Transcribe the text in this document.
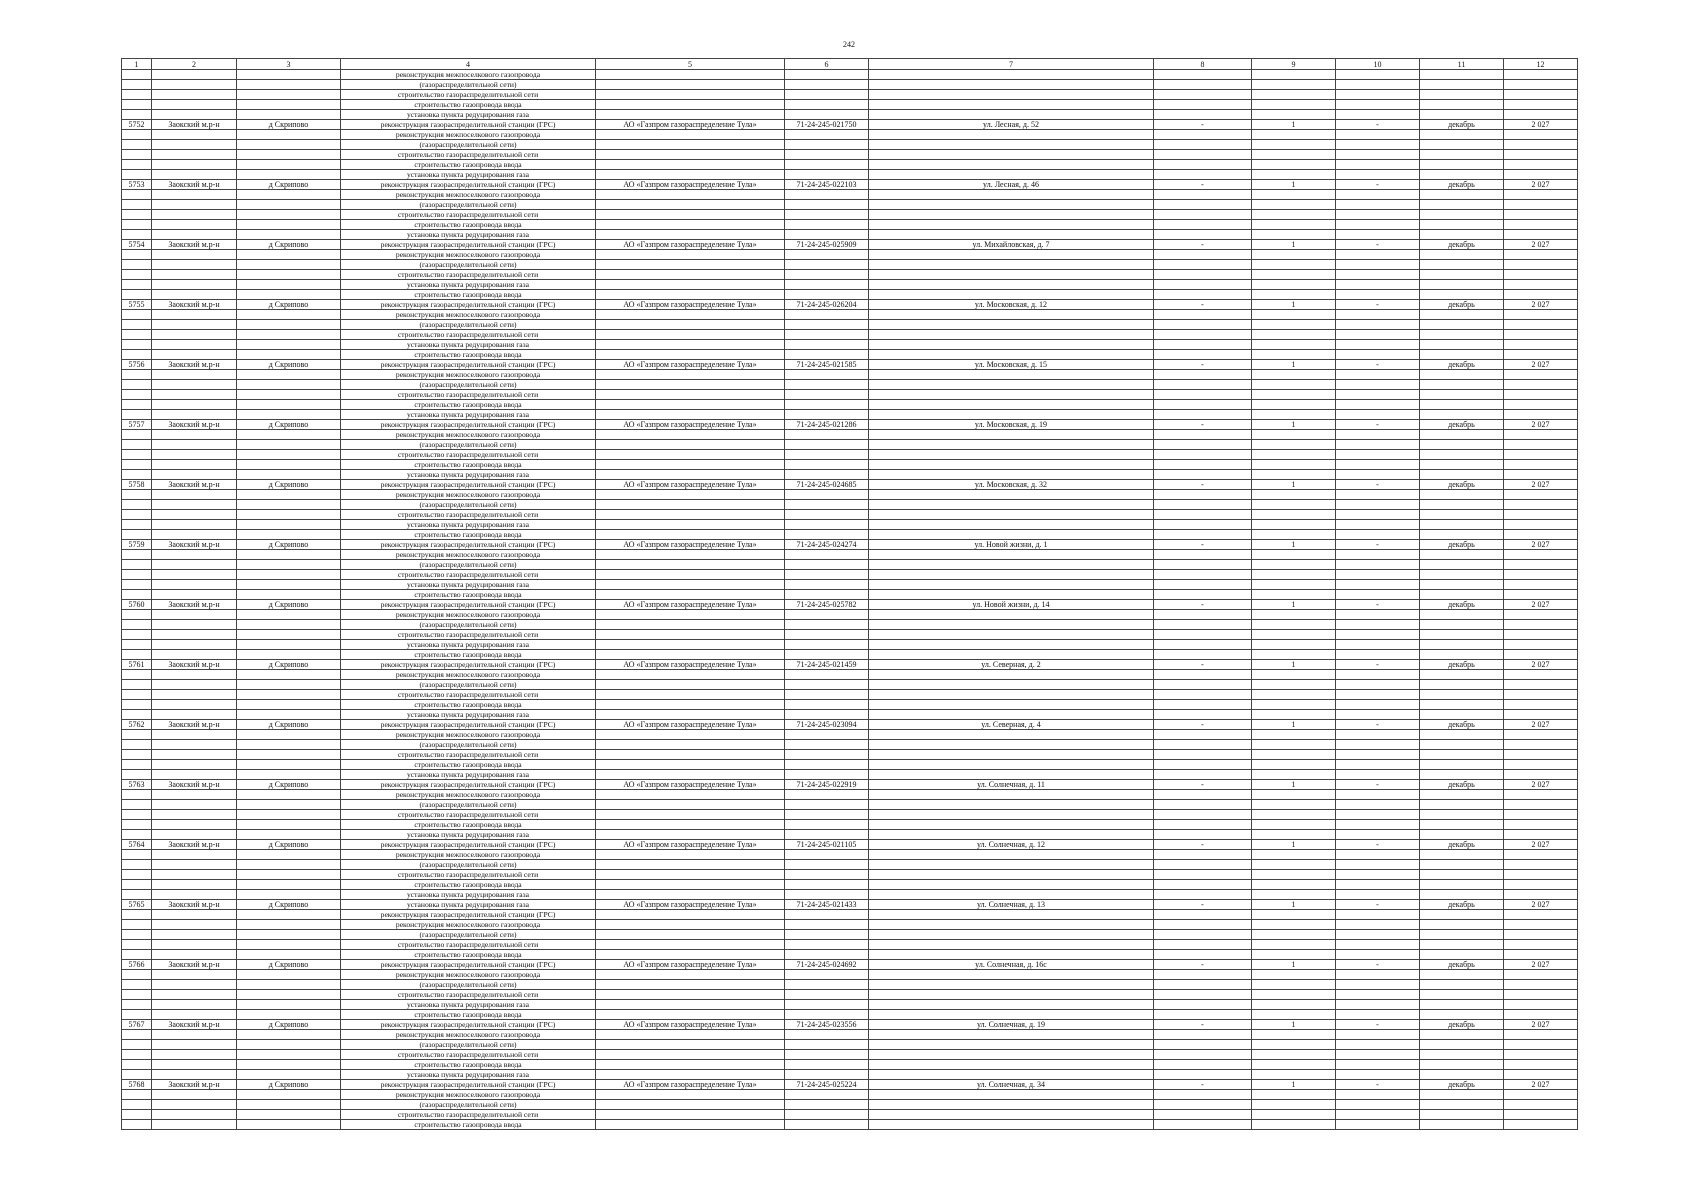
242
1	2	3	4	5	6	7	8	9	10	11	12
			реконструкция межпоселкового газопровода								
			(газораспределительной сети)								
			строительство газораспределительной сети								
			строительство газопровода ввода								
			установка пункта редуцирования газа								
5752	Заокский м.р-н	д Скрипово	реконструкция газораспределительной станции (ГРС)	АО «Газпром газораспределение Тула»	71-24-245-021750	ул. Лесная, д. 52	-	1	-	декабрь	2 027
			реконструкция межпоселкового газопровода								
			(газораспределительной сети)								
			строительство газораспределительной сети								
			строительство газопровода ввода								
			установка пункта редуцирования газа								
5753	Заокский м.р-н	д Скрипово	реконструкция газораспределительной станции (ГРС)	АО «Газпром газораспределение Тула»	71-24-245-022103	ул. Лесная, д. 46	-	1	-	декабрь	2 027
			реконструкция межпоселкового газопровода								
			(газораспределительной сети)								
			строительство газораспределительной сети								
			строительство газопровода ввода								
			установка пункта редуцирования газа								
5754	Заокский м.р-н	д Скрипово	реконструкция газораспределительной станции (ГРС)	АО «Газпром газораспределение Тула»	71-24-245-025909	ул. Михайловская, д. 7	-	1	-	декабрь	2 027
			реконструкция межпоселкового газопровода								
			(газораспределительной сети)								
			строительство газораспределительной сети								
			установка пункта редуцирования газа								
			строительство газопровода ввода								
5755	Заокский м.р-н	д Скрипово	реконструкция газораспределительной станции (ГРС)	АО «Газпром газораспределение Тула»	71-24-245-026204	ул. Московская, д. 12	-	1	-	декабрь	2 027
			реконструкция межпоселкового газопровода								
			(газораспределительной сети)								
			строительство газораспределительной сети								
			установка пункта редуцирования газа								
			строительство газопровода ввода								
5756	Заокский м.р-н	д Скрипово	реконструкция газораспределительной станции (ГРС)	АО «Газпром газораспределение Тула»	71-24-245-021585	ул. Московская, д. 15	-	1	-	декабрь	2 027
			реконструкция межпоселкового газопровода								
			(газораспределительной сети)								
			строительство газораспределительной сети								
			строительство газопровода ввода								
			установка пункта редуцирования газа								
5757	Заокский м.р-н	д Скрипово	реконструкция газораспределительной станции (ГРС)	АО «Газпром газораспределение Тула»	71-24-245-021286	ул. Московская, д. 19	-	1	-	декабрь	2 027
			реконструкция межпоселкового газопровода								
			(газораспределительной сети)								
			строительство газораспределительной сети								
			строительство газопровода ввода								
			установка пункта редуцирования газа								
5758	Заокский м.р-н	д Скрипово	реконструкция газораспределительной станции (ГРС)	АО «Газпром газораспределение Тула»	71-24-245-024685	ул. Московская, д. 32	-	1	-	декабрь	2 027
			реконструкция межпоселкового газопровода								
			(газораспределительной сети)								
			строительство газораспределительной сети								
			установка пункта редуцирования газа								
			строительство газопровода ввода								
5759	Заокский м.р-н	д Скрипово	реконструкция газораспределительной станции (ГРС)	АО «Газпром газораспределение Тула»	71-24-245-024274	ул. Новой жизни, д. 1	-	1	-	декабрь	2 027
			реконструкция межпоселкового газопровода								
			(газораспределительной сети)								
			строительство газораспределительной сети								
			установка пункта редуцирования газа								
			строительство газопровода ввода								
5760	Заокский м.р-н	д Скрипово	реконструкция газораспределительной станции (ГРС)	АО «Газпром газораспределение Тула»	71-24-245-025782	ул. Новой жизни, д. 14	-	1	-	декабрь	2 027
			реконструкция межпоселкового газопровода								
			(газораспределительной сети)								
			строительство газораспределительной сети								
			установка пункта редуцирования газа								
			строительство газопровода ввода								
5761	Заокский м.р-н	д Скрипово	реконструкция газораспределительной станции (ГРС)	АО «Газпром газораспределение Тула»	71-24-245-021459	ул. Северная, д. 2	-	1	-	декабрь	2 027
			реконструкция межпоселкового газопровода								
			(газораспределительной сети)								
			строительство газораспределительной сети								
			строительство газопровода ввода								
			установка пункта редуцирования газа								
5762	Заокский м.р-н	д Скрипово	реконструкция газораспределительной станции (ГРС)	АО «Газпром газораспределение Тула»	71-24-245-023094	ул. Северная, д. 4	-	1	-	декабрь	2 027
			реконструкция межпоселкового газопровода								
			(газораспределительной сети)								
			строительство газораспределительной сети								
			строительство газопровода ввода								
			установка пункта редуцирования газа								
5763	Заокский м.р-н	д Скрипово	реконструкция газораспределительной станции (ГРС)	АО «Газпром газораспределение Тула»	71-24-245-022919	ул. Солнечная, д. 11	-	1	-	декабрь	2 027
			реконструкция межпоселкового газопровода								
			(газораспределительной сети)								
			строительство газораспределительной сети								
			строительство газопровода ввода								
			установка пункта редуцирования газа								
5764	Заокский м.р-н	д Скрипово	реконструкция газораспределительной станции (ГРС)	АО «Газпром газораспределение Тула»	71-24-245-021105	ул. Солнечная, д. 12	-	1	-	декабрь	2 027
			реконструкция межпоселкового газопровода								
			(газораспределительной сети)								
			строительство газораспределительной сети								
			строительство газопровода ввода								
			установка пункта редуцирования газа								
5765	Заокский м.р-н	д Скрипово	установка пункта редуцирования газа	АО «Газпром газораспределение Тула»	71-24-245-021433	ул. Солнечная, д. 13	-	1	-	декабрь	2 027
			реконструкция газораспределительной станции (ГРС)								
			реконструкция межпоселкового газопровода								
			(газораспределительной сети)								
			строительство газораспределительной сети								
			строительство газопровода ввода								
5766	Заокский м.р-н	д Скрипово	реконструкция газораспределительной станции (ГРС)	АО «Газпром газораспределение Тула»	71-24-245-024692	ул. Солнечная, д. 16с	-	1	-	декабрь	2 027
			реконструкция межпоселкового газопровода								
			(газораспределительной сети)								
			строительство газораспределительной сети								
			установка пункта редуцирования газа								
			строительство газопровода ввода								
5767	Заокский м.р-н	д Скрипово	реконструкция газораспределительной станции (ГРС)	АО «Газпром газораспределение Тула»	71-24-245-023556	ул. Солнечная, д. 19	-	1	-	декабрь	2 027
			реконструкция межпоселкового газопровода								
			(газораспределительной сети)								
			строительство газораспределительной сети								
			строительство газопровода ввода								
			установка пункта редуцирования газа								
5768	Заокский м.р-н	д Скрипово	реконструкция газораспределительной станции (ГРС)	АО «Газпром газораспределение Тула»	71-24-245-025224	ул. Солнечная, д. 34	-	1	-	декабрь	2 027
			реконструкция межпоселкового газопровода								
			(газораспределительной сети)								
			строительство газораспределительной сети								
			строительство газопровода ввода								
